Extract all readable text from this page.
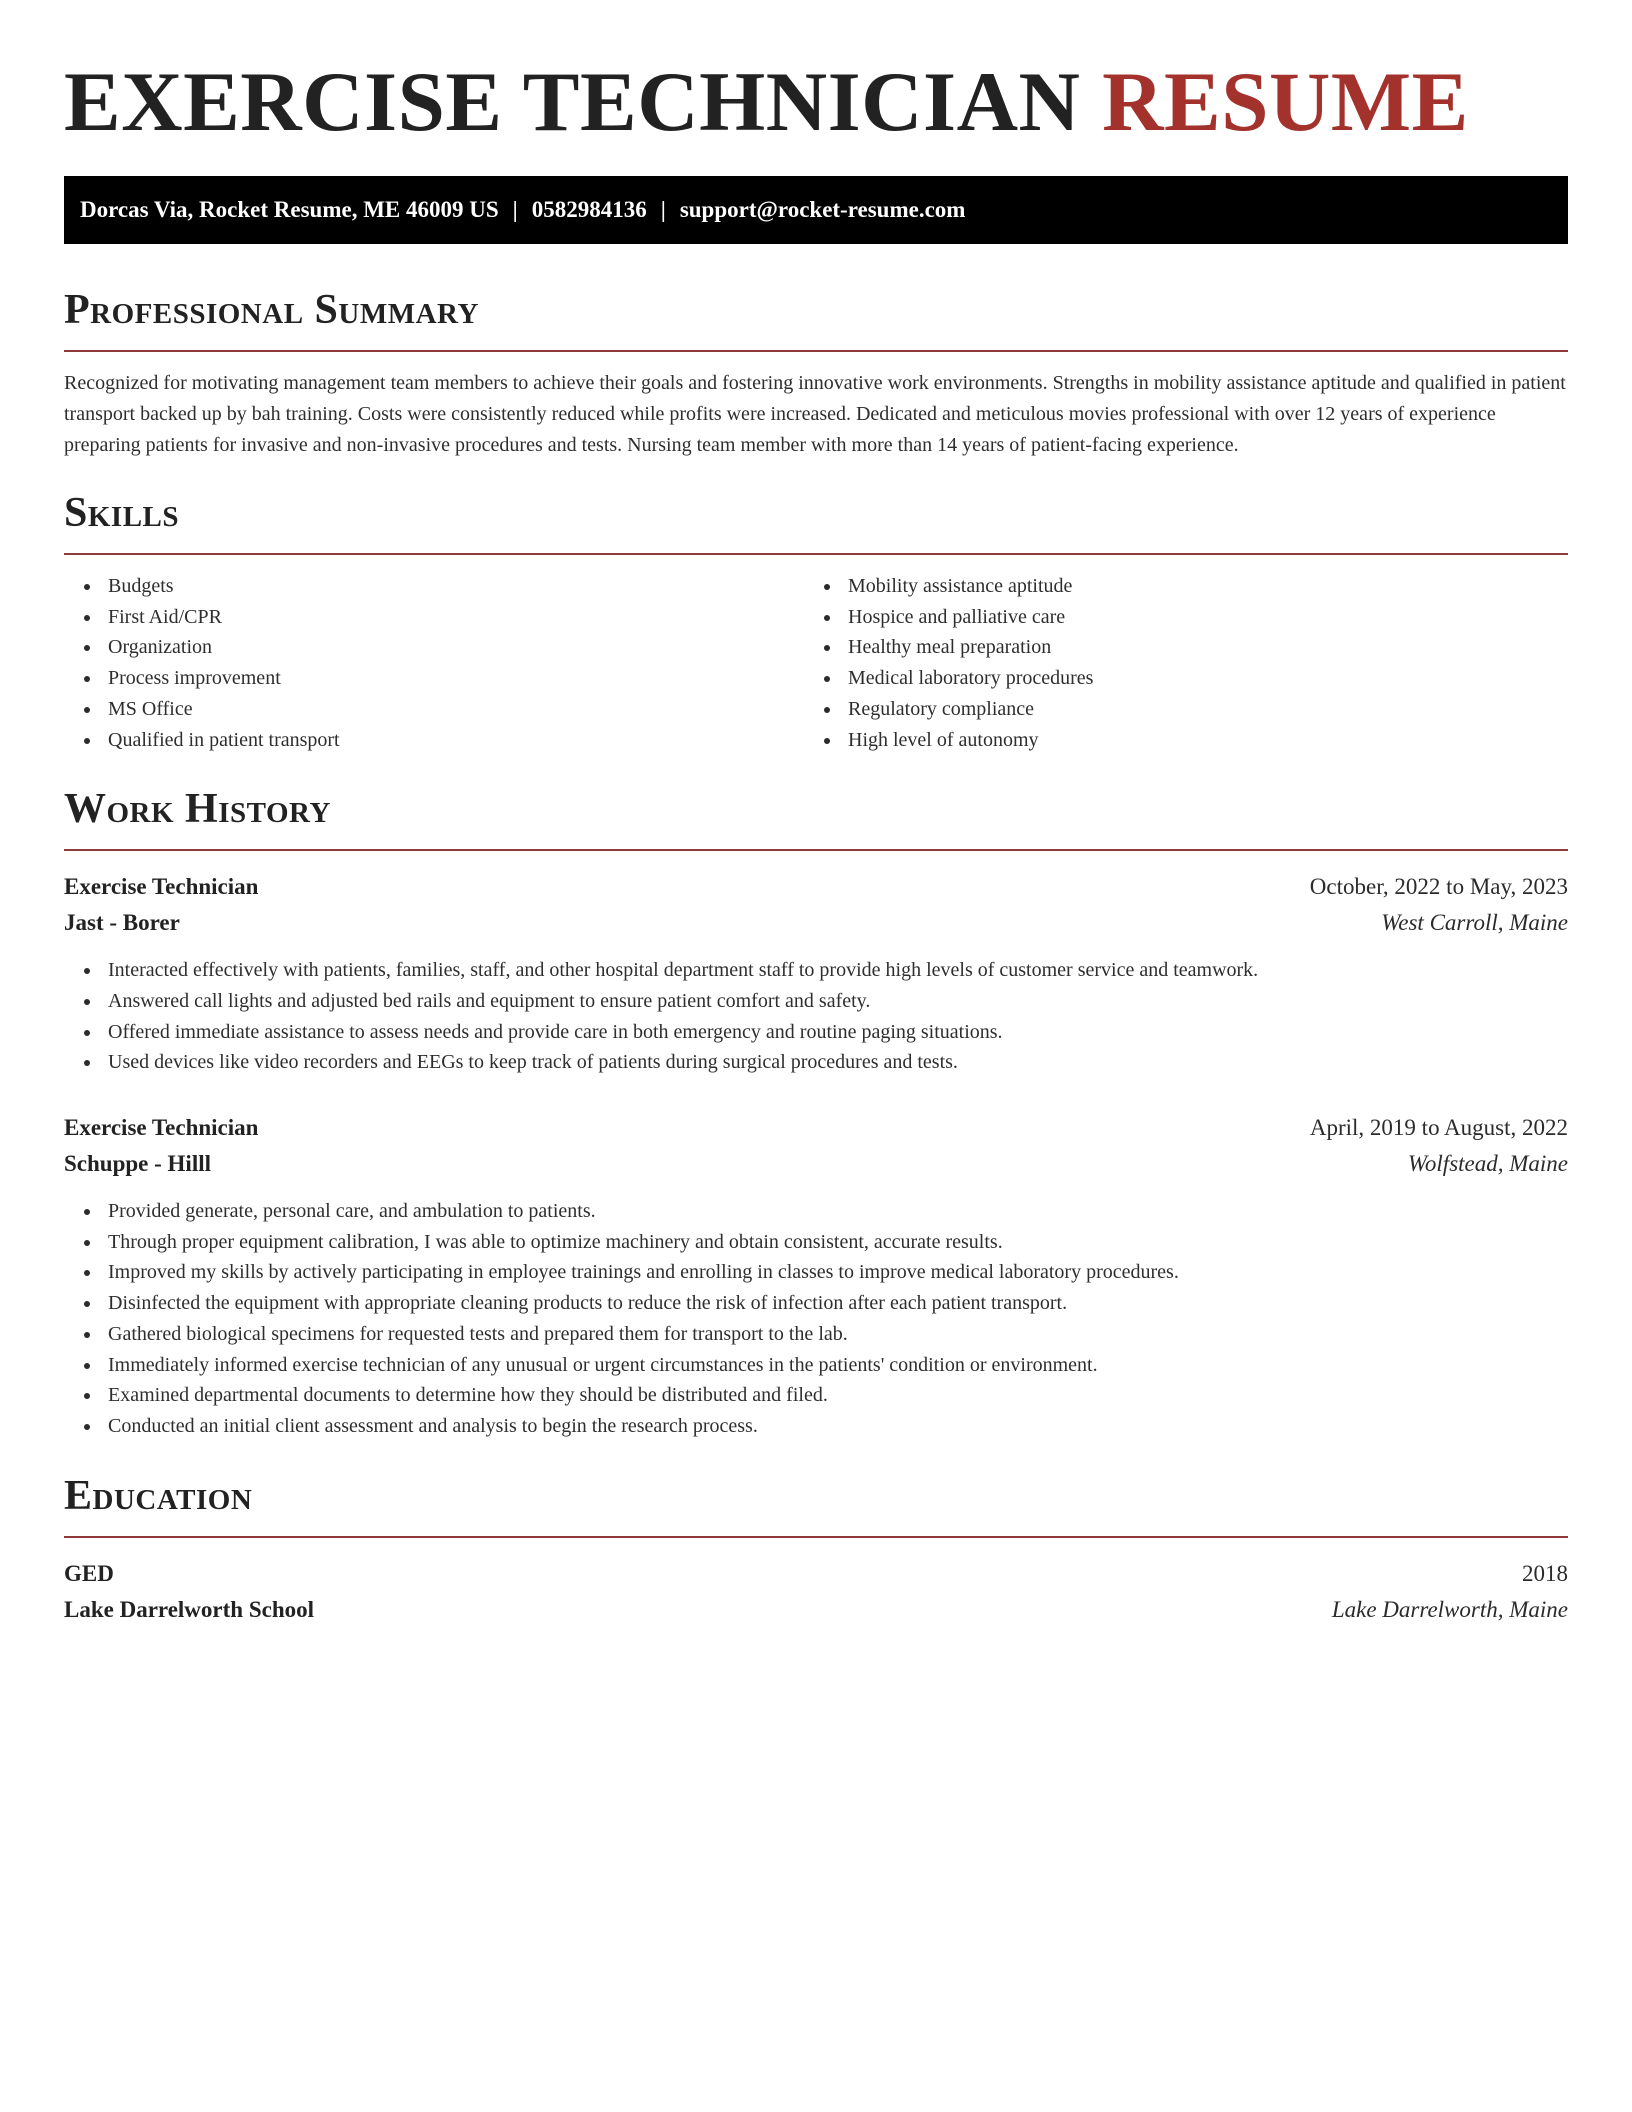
EXERCISE TECHNICIAN RESUME
Dorcas Via, Rocket Resume, ME 46009 US | 0582984136 | support@rocket-resume.com
Professional Summary

Recognized for motivating management team members to achieve their goals and fostering innovative work environments. Strengths in mobility assistance aptitude and qualified in patient transport backed up by bah training. Costs were consistently reduced while profits were increased. Dedicated and meticulous movies professional with over 12 years of experience preparing patients for invasive and non-invasive procedures and tests. Nursing team member with more than 14 years of patient-facing experience.

Skills
Budgets
First Aid/CPR
Organization
Process improvement
MS Office
Qualified in patient transport
Mobility assistance aptitude
Hospice and palliative care
Healthy meal preparation
Medical laboratory procedures
Regulatory compliance
High level of autonomy
Work History
Exercise Technician	October, 2022 to May, 2023
Jast - Borer	West Carroll, Maine
Interacted effectively with patients, families, staff, and other hospital department staff to provide high levels of customer service and teamwork.
Answered call lights and adjusted bed rails and equipment to ensure patient comfort and safety.
Offered immediate assistance to assess needs and provide care in both emergency and routine paging situations.
Used devices like video recorders and EEGs to keep track of patients during surgical procedures and tests.
Exercise Technician	April, 2019 to August, 2022
Schuppe - Hilll	Wolfstead, Maine
Provided generate, personal care, and ambulation to patients.
Through proper equipment calibration, I was able to optimize machinery and obtain consistent, accurate results.
Improved my skills by actively participating in employee trainings and enrolling in classes to improve medical laboratory procedures.
Disinfected the equipment with appropriate cleaning products to reduce the risk of infection after each patient transport.
Gathered biological specimens for requested tests and prepared them for transport to the lab.
Immediately informed exercise technician of any unusual or urgent circumstances in the patients' condition or environment.
Examined departmental documents to determine how they should be distributed and filed.
Conducted an initial client assessment and analysis to begin the research process.
Education
GED	2018
Lake Darrelworth School	Lake Darrelworth, Maine
